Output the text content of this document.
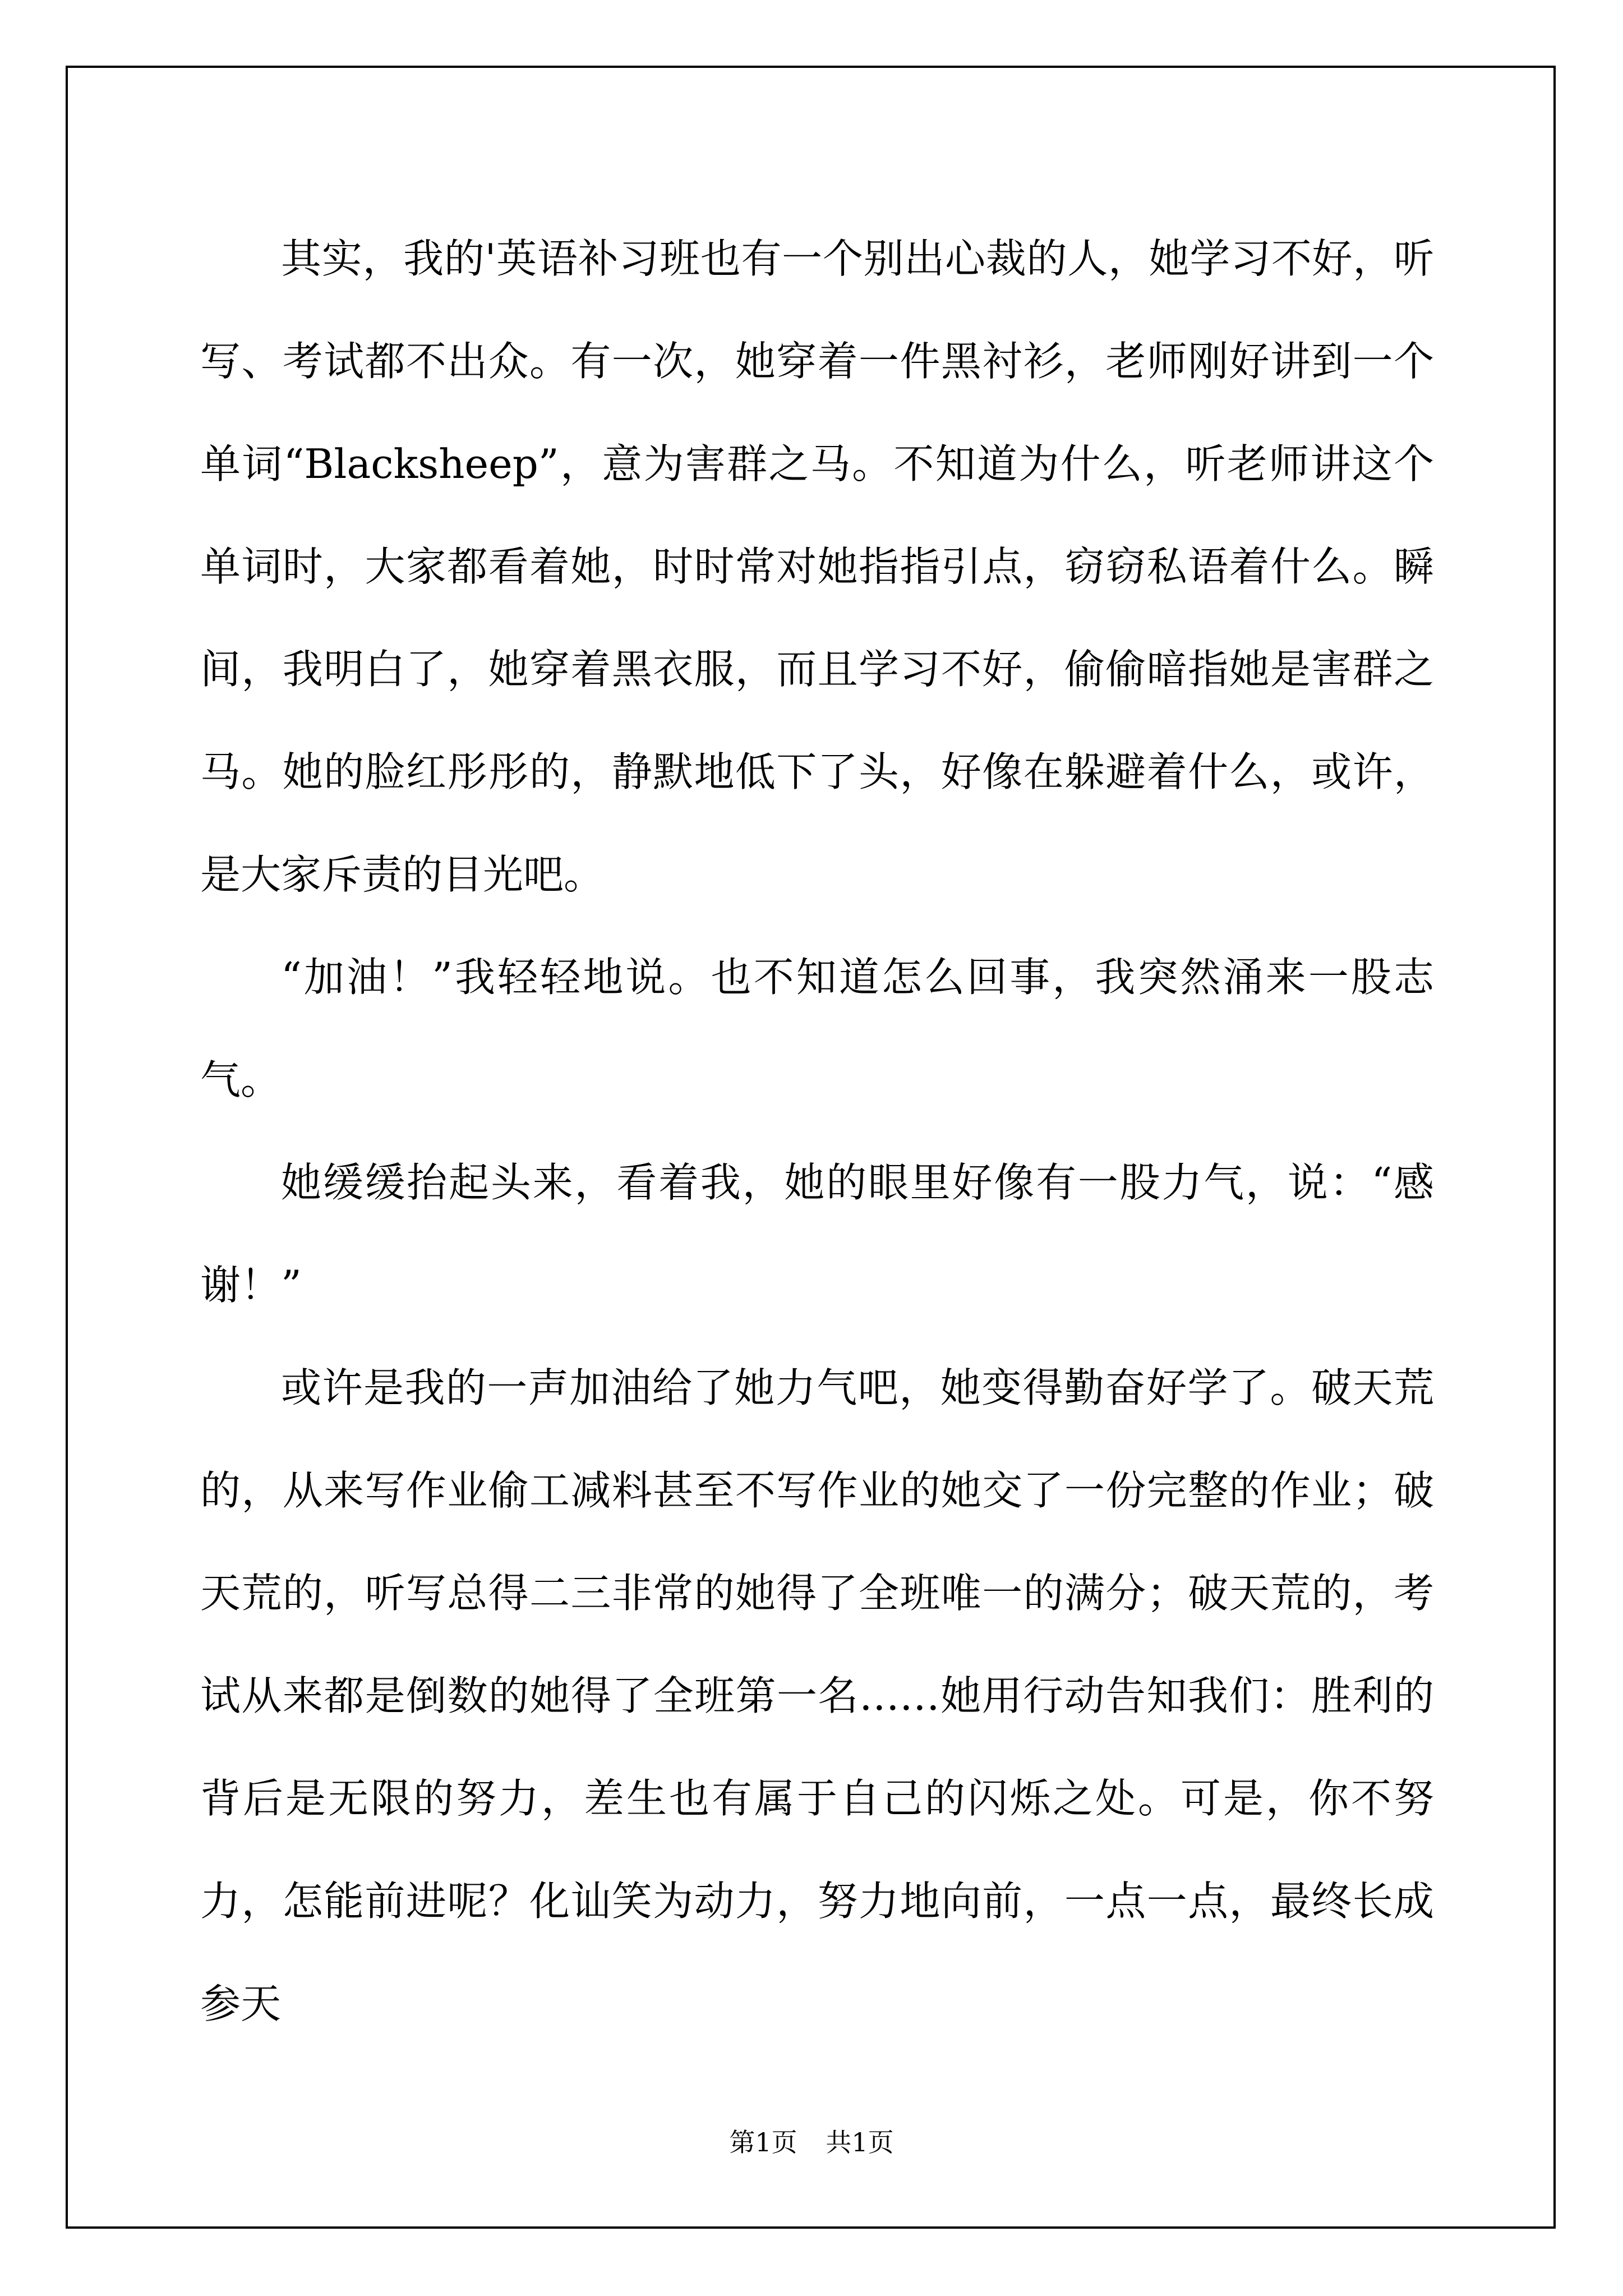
其实，我的'英语补习班也有一个别出心裁的人，她学习不好，听写、考试都不出众。有一次，她穿着一件黑衬衫，老师刚好讲到一个单词“Blacksheep”，意为害群之马。不知道为什么，听老师讲这个单词时，大家都看着她，时时常对她指指引点，窃窃私语着什么。瞬间，我明白了，她穿着黑衣服，而且学习不好，偷偷暗指她是害群之马。她的脸红彤彤的，静默地低下了头，好像在躲避着什么，或许，是大家斥责的目光吧。

“加油！”我轻轻地说。也不知道怎么回事，我突然涌来一股志气。

她缓缓抬起头来，看着我，她的眼里好像有一股力气，说：“感谢！”

或许是我的一声加油给了她力气吧，她变得勤奋好学了。破天荒的，从来写作业偷工减料甚至不写作业的她交了一份完整的作业；破天荒的，听写总得二三非常的她得了全班唯一的满分；破天荒的，考试从来都是倒数的她得了全班第一名……她用行动告知我们：胜利的背后是无限的努力，差生也有属于自己的闪烁之处。可是，你不努力，怎能前进呢？化讪笑为动力，努力地向前，一点一点，最终长成参天

第1页 共1页
